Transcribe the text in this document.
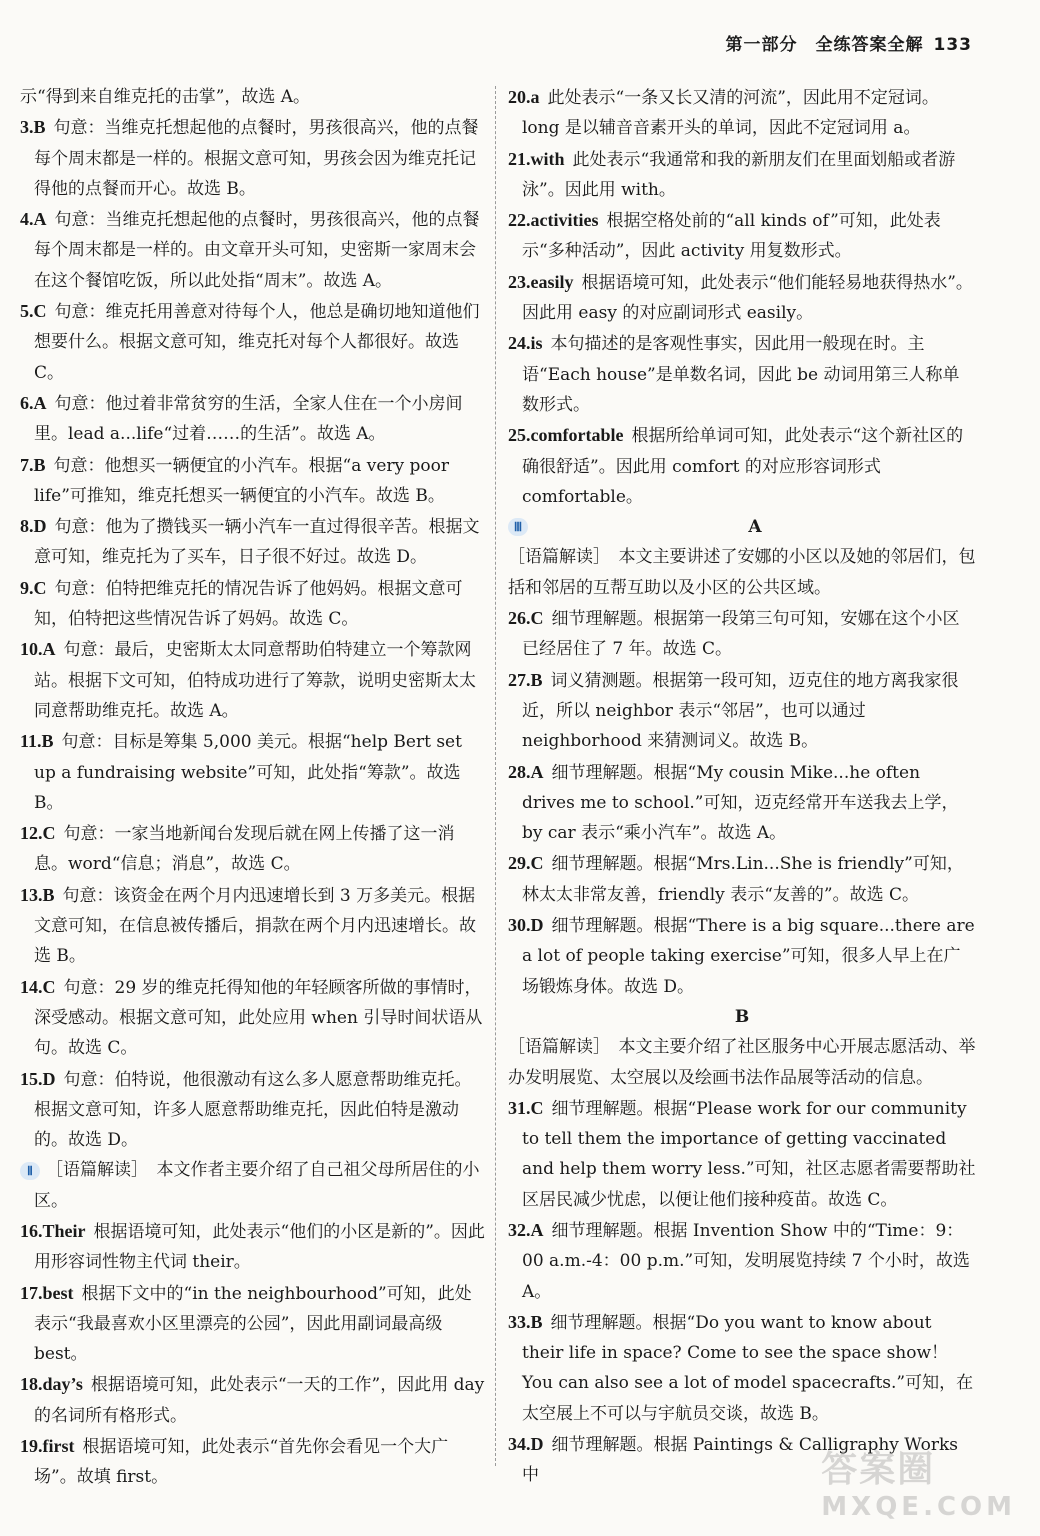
第一部分　全练答案全解 133

示“得到来自维克托的击掌”，故选 A。

3.B 句意：当维克托想起他的点餐时，男孩很高兴，他的点餐每个周末都是一样的。根据文意可知，男孩会因为维克托记得他的点餐而开心。故选 B。

4.A 句意：当维克托想起他的点餐时，男孩很高兴，他的点餐每个周末都是一样的。由文章开头可知，史密斯一家周末会在这个餐馆吃饭，所以此处指“周末”。故选 A。

5.C 句意：维克托用善意对待每个人，他总是确切地知道他们想要什么。根据文意可知，维克托对每个人都很好。故选 C。

6.A 句意：他过着非常贫穷的生活，全家人住在一个小房间里。lead a...life“过着……的生活”。故选 A。

7.B 句意：他想买一辆便宜的小汽车。根据“a very poor life”可推知，维克托想买一辆便宜的小汽车。故选 B。

8.D 句意：他为了攒钱买一辆小汽车一直过得很辛苦。根据文意可知，维克托为了买车，日子很不好过。故选 D。

9.C 句意：伯特把维克托的情况告诉了他妈妈。根据文意可知，伯特把这些情况告诉了妈妈。故选 C。

10.A 句意：最后，史密斯太太同意帮助伯特建立一个筹款网站。根据下文可知，伯特成功进行了筹款，说明史密斯太太同意帮助维克托。故选 A。

11.B 句意：目标是筹集 5,000 美元。根据“help Bert set up a fundraising website”可知，此处指“筹款”。故选 B。

12.C 句意：一家当地新闻台发现后就在网上传播了这一消息。word“信息；消息”，故选 C。

13.B 句意：该资金在两个月内迅速增长到 3 万多美元。根据文意可知，在信息被传播后，捐款在两个月内迅速增长。故选 B。

14.C 句意：29 岁的维克托得知他的年轻顾客所做的事情时，深受感动。根据文意可知，此处应用 when 引导时间状语从句。故选 C。

15.D 句意：伯特说，他很激动有这么多人愿意帮助维克托。根据文意可知，许多人愿意帮助维克托，因此伯特是激动的。故选 D。

Ⅱ ［语篇解读］　本文作者主要介绍了自己祖父母所居住的小区。

16.Their 根据语境可知，此处表示“他们的小区是新的”。因此用形容词性物主代词 their。

17.best 根据下文中的“in the neighbourhood”可知，此处表示“我最喜欢小区里漂亮的公园”，因此用副词最高级 best。

18.day’s 根据语境可知，此处表示“一天的工作”，因此用 day 的名词所有格形式。

19.first 根据语境可知，此处表示“首先你会看见一个大广场”。故填 first。

20.a 此处表示“一条又长又清的河流”，因此用不定冠词。long 是以辅音音素开头的单词，因此不定冠词用 a。

21.with 此处表示“我通常和我的新朋友们在里面划船或者游泳”。因此用 with。

22.activities 根据空格处前的“all kinds of”可知，此处表示“多种活动”，因此 activity 用复数形式。

23.easily 根据语境可知，此处表示“他们能轻易地获得热水”。因此用 easy 的对应副词形式 easily。

24.is 本句描述的是客观性事实，因此用一般现在时。主语“Each house”是单数名词，因此 be 动词用第三人称单数形式。

25.comfortable 根据所给单词可知，此处表示“这个新社区的确很舒适”。因此用 comfort 的对应形容词形式 comfortable。

Ⅲ	A

［语篇解读］　本文主要讲述了安娜的小区以及她的邻居们，包括和邻居的互帮互助以及小区的公共区域。

26.C 细节理解题。根据第一段第三句可知，安娜在这个小区已经居住了 7 年。故选 C。

27.B 词义猜测题。根据第一段可知，迈克住的地方离我家很近，所以 neighbor 表示“邻居”，也可以通过 neighborhood 来猜测词义。故选 B。

28.A 细节理解题。根据“My cousin Mike...he often drives me to school.”可知，迈克经常开车送我去上学，by car 表示“乘小汽车”。故选 A。

29.C 细节理解题。根据“Mrs.Lin...She is friendly”可知，林太太非常友善，friendly 表示“友善的”。故选 C。

30.D 细节理解题。根据“There is a big square...there are a lot of people taking exercise”可知，很多人早上在广场锻炼身体。故选 D。

B

［语篇解读］　本文主要介绍了社区服务中心开展志愿活动、举办发明展览、太空展以及绘画书法作品展等活动的信息。

31.C 细节理解题。根据“Please work for our community to tell them the importance of getting vaccinated and help them worry less.”可知，社区志愿者需要帮助社区居民减少忧虑，以便让他们接种疫苗。故选 C。

32.A 细节理解题。根据 Invention Show 中的“Time：9：00 a.m.-4：00 p.m.”可知，发明展览持续 7 个小时，故选 A。

33.B 细节理解题。根据“Do you want to know about their life in space? Come to see the space show！ You can also see a lot of model spacecrafts.”可知，在太空展上不可以与宇航员交谈，故选 B。

34.D 细节理解题。根据 Paintings & Calligraphy Works 中	答案圈
MXQE.COM
